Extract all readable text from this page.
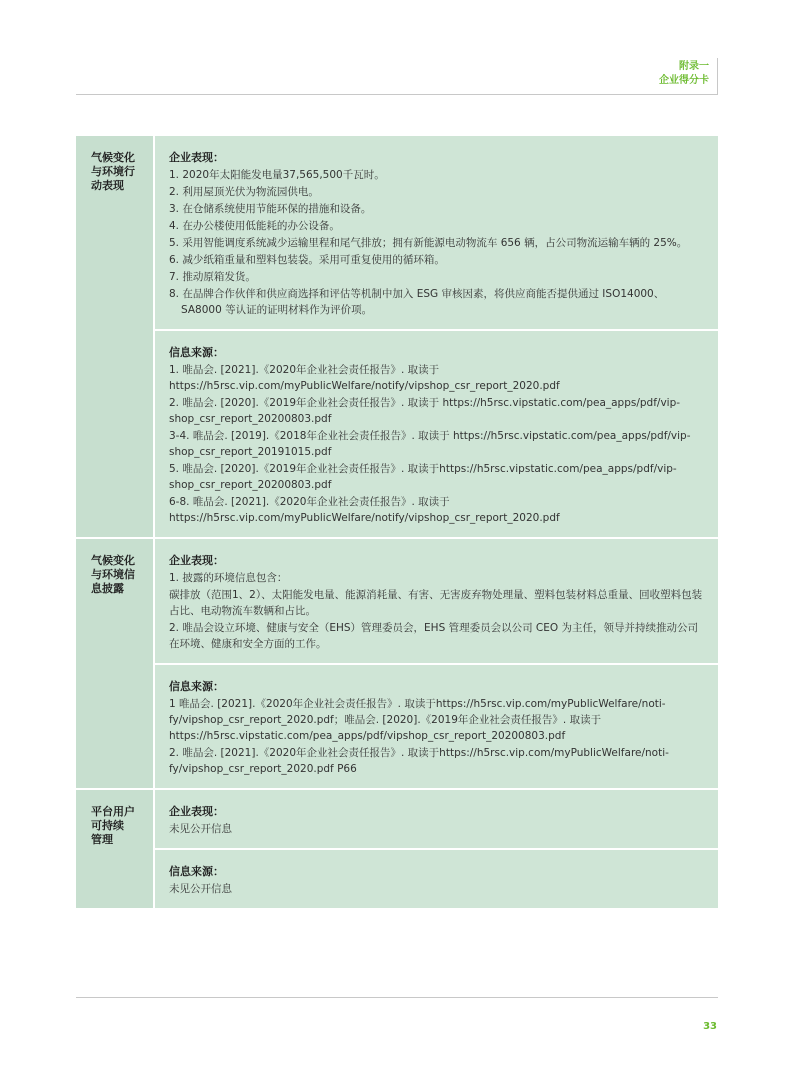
附录一
企业得分卡
气候变化
与环境行
动表现
企业表现：
1. 2020年太阳能发电量37,565,500千瓦时。
2. 利用屋顶光伏为物流园供电。
3. 在仓储系统使用节能环保的措施和设备。
4. 在办公楼使用低能耗的办公设备。
5. 采用智能调度系统减少运输里程和尾气排放；拥有新能源电动物流车 656 辆，占公司物流运输车辆的 25%。
6. 减少纸箱重量和塑料包装袋。采用可重复使用的循环箱。
7. 推动原箱发货。
8. 在品牌合作伙伴和供应商选择和评估等机制中加入 ESG 审核因素，将供应商能否提供通过 ISO14000、SA8000 等认证的证明材料作为评价项。
信息来源：
1. 唯品会. [2021].《2020年企业社会责任报告》. 取读于https://h5rsc.vip.com/myPublicWelfare/notify/vipshop_csr_report_2020.pdf
2. 唯品会. [2020].《2019年企业社会责任报告》. 取读于 https://h5rsc.vipstatic.com/pea_apps/pdf/vip-shop_csr_report_20200803.pdf
3-4. 唯品会. [2019].《2018年企业社会责任报告》. 取读于 https://h5rsc.vipstatic.com/pea_apps/pdf/vip-shop_csr_report_20191015.pdf
5. 唯品会. [2020].《2019年企业社会责任报告》. 取读于https://h5rsc.vipstatic.com/pea_apps/pdf/vip-shop_csr_report_20200803.pdf
6-8. 唯品会. [2021].《2020年企业社会责任报告》. 取读于https://h5rsc.vip.com/myPublicWelfare/notify/vipshop_csr_report_2020.pdf
气候变化
与环境信
息披露
企业表现：
1. 披露的环境信息包含：
碳排放（范围1、2）、太阳能发电量、能源消耗量、有害、无害废弃物处理量、塑料包装材料总重量、回收塑料包装占比、电动物流车数辆和占比。
2. 唯品会设立环境、健康与安全（EHS）管理委员会，EHS 管理委员会以公司 CEO 为主任，领导并持续推动公司在环境、健康和安全方面的工作。
信息来源：
1 唯品会. [2021].《2020年企业社会责任报告》. 取读于https://h5rsc.vip.com/myPublicWelfare/noti-fy/vipshop_csr_report_2020.pdf；唯品会. [2020].《2019年企业社会责任报告》. 取读于https://h5rsc.vipstatic.com/pea_apps/pdf/vipshop_csr_report_20200803.pdf
2. 唯品会. [2021].《2020年企业社会责任报告》. 取读于https://h5rsc.vip.com/myPublicWelfare/noti-fy/vipshop_csr_report_2020.pdf P66
平台用户
可持续
管理
企业表现：
未见公开信息
信息来源：
未见公开信息
33
